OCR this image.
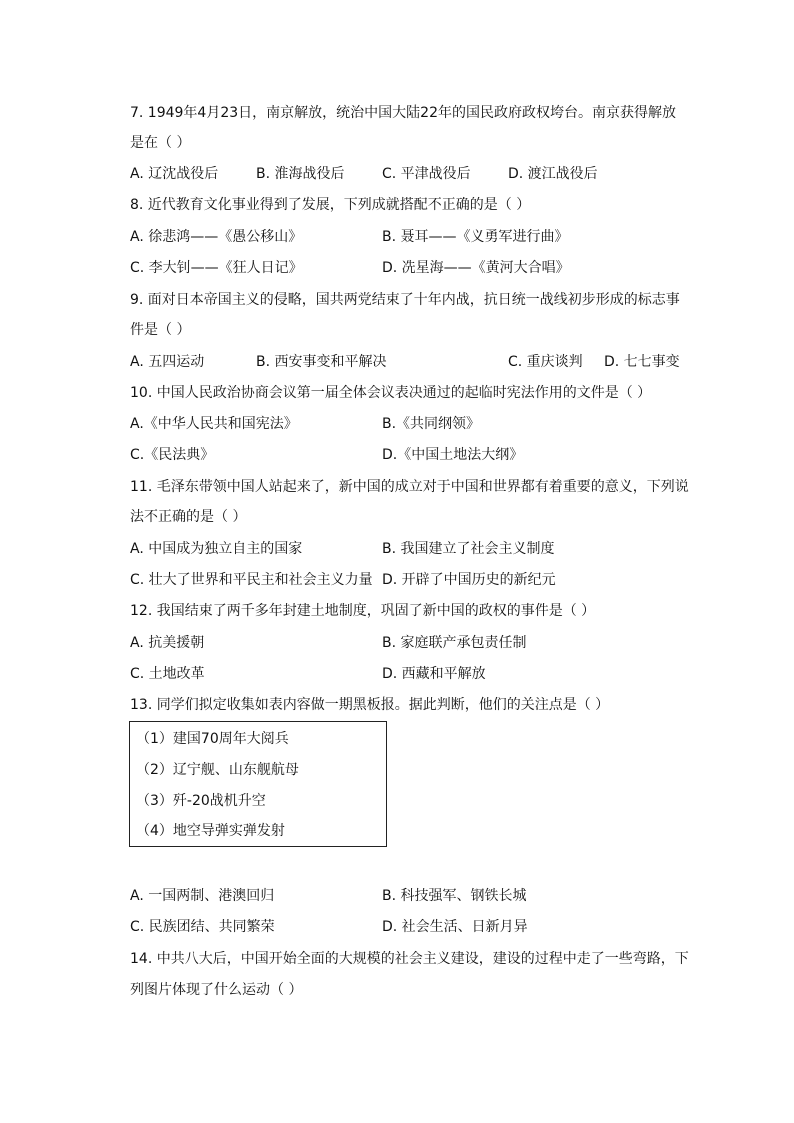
7. 1949年4月23日，南京解放，统治中国大陆22年的国民政府政权垮台。南京获得解放
是在（ ）
A. 辽沈战役后	B. 淮海战役后	C. 平津战役后	D. 渡江战役后
8. 近代教育文化事业得到了发展，下列成就搭配不正确的是（ ）
A. 徐悲鸿——《愚公移山》	B. 聂耳——《义勇军进行曲》
C. 李大钊——《狂人日记》	D. 冼星海——《黄河大合唱》
9. 面对日本帝国主义的侵略，国共两党结束了十年内战，抗日统一战线初步形成的标志事
件是（ ）
A. 五四运动	B. 西安事变和平解决	C. 重庆谈判 D. 七七事变
10. 中国人民政治协商会议第一届全体会议表决通过的起临时宪法作用的文件是（ ）
A.《中华人民共和国宪法》	B.《共同纲领》
C.《民法典》	D.《中国土地法大纲》
11. 毛泽东带领中国人站起来了，新中国的成立对于中国和世界都有着重要的意义，下列说
法不正确的是（ ）
A. 中国成为独立自主的国家	B. 我国建立了社会主义制度
C. 壮大了世界和平民主和社会主义力量 D. 开辟了中国历史的新纪元
12. 我国结束了两千多年封建土地制度，巩固了新中国的政权的事件是（ ）
A. 抗美援朝	B. 家庭联产承包责任制
C. 土地改革	D. 西藏和平解放
13. 同学们拟定收集如表内容做一期黑板报。据此判断，他们的关注点是（ ）
（1）建国70周年大阅兵
（2）辽宁舰、山东舰航母
（3）歼-20战机升空
（4）地空导弹实弹发射
A. 一国两制、港澳回归	B. 科技强军、钢铁长城
C. 民族团结、共同繁荣	D. 社会生活、日新月异
14. 中共八大后，中国开始全面的大规模的社会主义建设，建设的过程中走了一些弯路，下
列图片体现了什么运动（ ）
